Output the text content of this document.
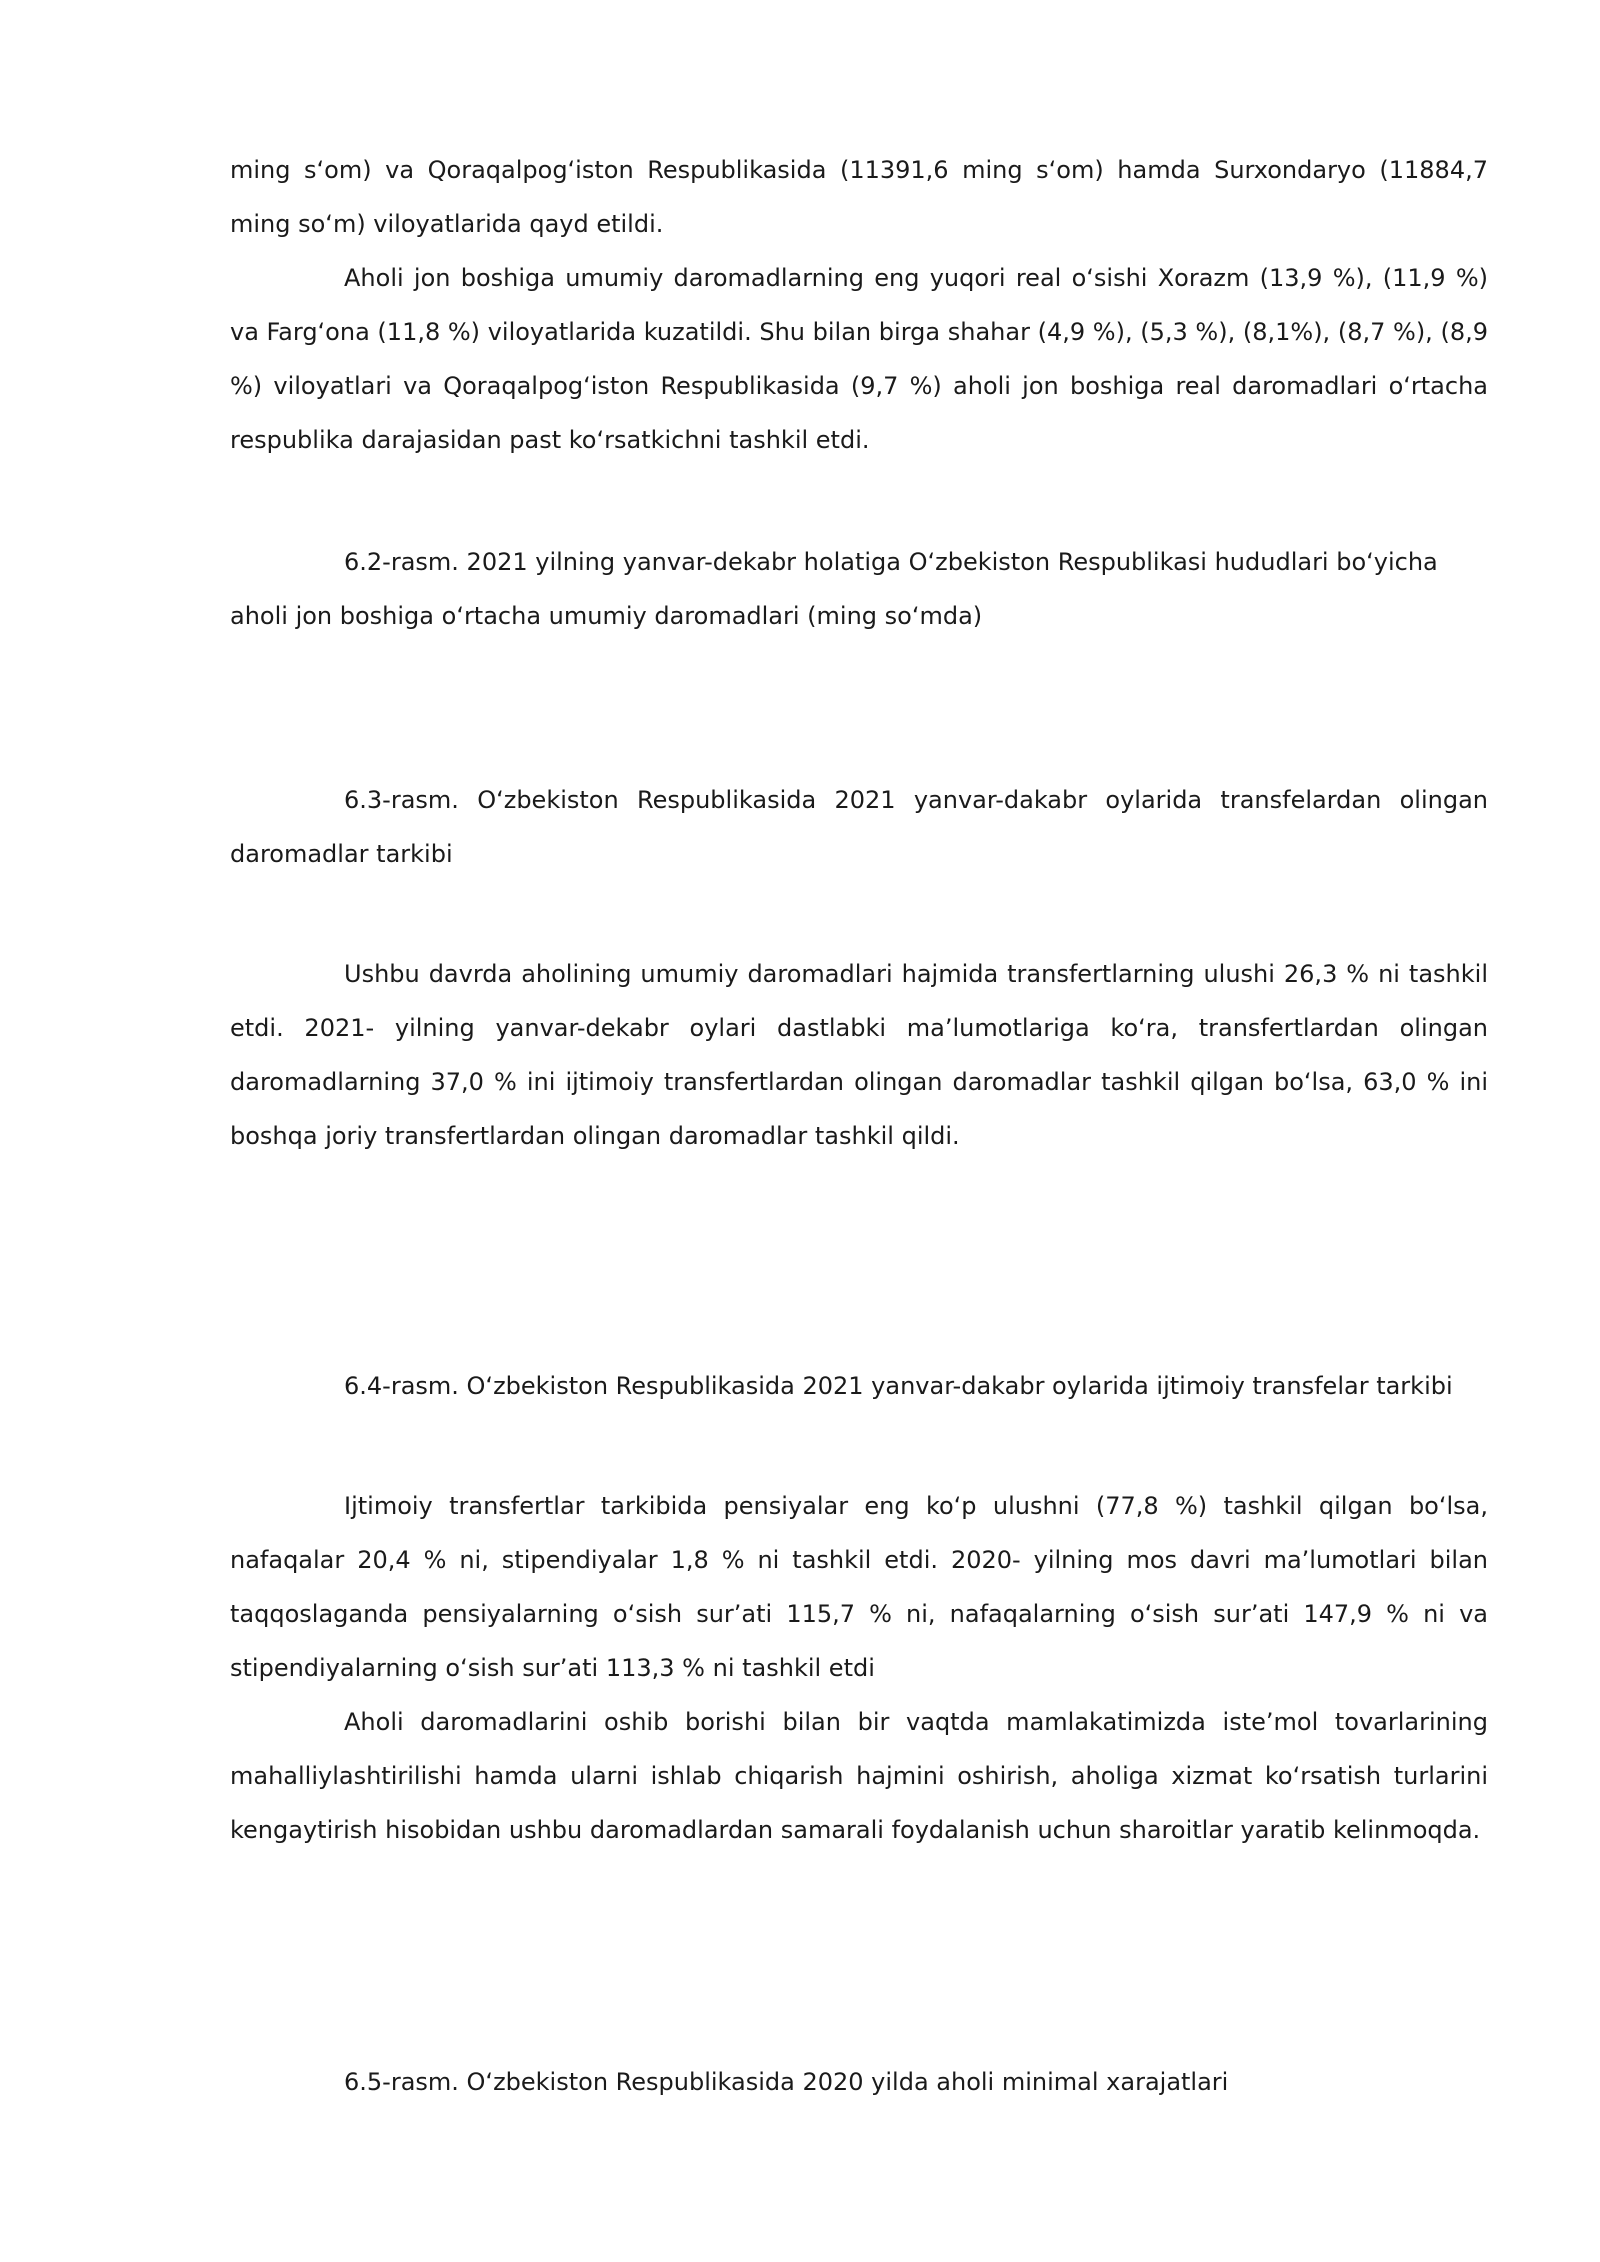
ming s‘om) va Qoraqalpog‘iston Respublikasida (11391,6 ming s‘om) hamda Surxondaryo (11884,7 ming so‘m) viloyatlarida qayd etildi.

Aholi jon boshiga umumiy daromadlarning eng yuqori real o‘sishi Xorazm (13,9 %), (11,9 %) va Farg‘ona (11,8 %) viloyatlarida kuzatildi. Shu bilan birga shahar (4,9 %), (5,3 %), (8,1%), (8,7 %), (8,9 %) viloyatlari va Qoraqalpog‘iston Respublikasida (9,7 %) aholi jon boshiga real daromadlari o‘rtacha respublika darajasidan past ko‘rsatkichni tashkil etdi.

6.2-rasm. 2021 yilning yanvar-dekabr holatiga O‘zbekiston Respublikasi hududlari bo‘yicha aholi jon boshiga o‘rtacha umumiy daromadlari (ming so‘mda)

6.3-rasm. O‘zbekiston Respublikasida 2021 yanvar-dakabr oylarida transfelardan olingan daromadlar tarkibi

Ushbu davrda aholining umumiy daromadlari hajmida transfertlarning ulushi 26,3 % ni tashkil etdi. 2021- yilning yanvar-dekabr oylari dastlabki ma’lumotlariga ko‘ra, transfertlardan olingan daromadlarning 37,0 % ini ijtimoiy transfertlardan olingan daromadlar tashkil qilgan bo‘lsa, 63,0 % ini boshqa joriy transfertlardan olingan daromadlar tashkil qildi.

6.4-rasm. O‘zbekiston Respublikasida 2021 yanvar-dakabr oylarida ijtimoiy transfelar tarkibi

Ijtimoiy transfertlar tarkibida pensiyalar eng ko‘p ulushni (77,8 %) tashkil qilgan bo‘lsa, nafaqalar 20,4 % ni, stipendiyalar 1,8 % ni tashkil etdi. 2020- yilning mos davri ma’lumotlari bilan taqqoslaganda pensiyalarning o‘sish sur’ati 115,7 % ni, nafaqalarning o‘sish sur’ati 147,9 % ni va stipendiyalarning o‘sish sur’ati 113,3 % ni tashkil etdi

Aholi daromadlarini oshib borishi bilan bir vaqtda mamlakatimizda iste’mol tovarlarining mahalliylashtirilishi hamda ularni ishlab chiqarish hajmini oshirish, aholiga xizmat ko‘rsatish turlarini kengaytirish hisobidan ushbu daromadlardan samarali foydalanish uchun sharoitlar yaratib kelinmoqda.

6.5-rasm. O‘zbekiston Respublikasida 2020 yilda aholi minimal xarajatlari
